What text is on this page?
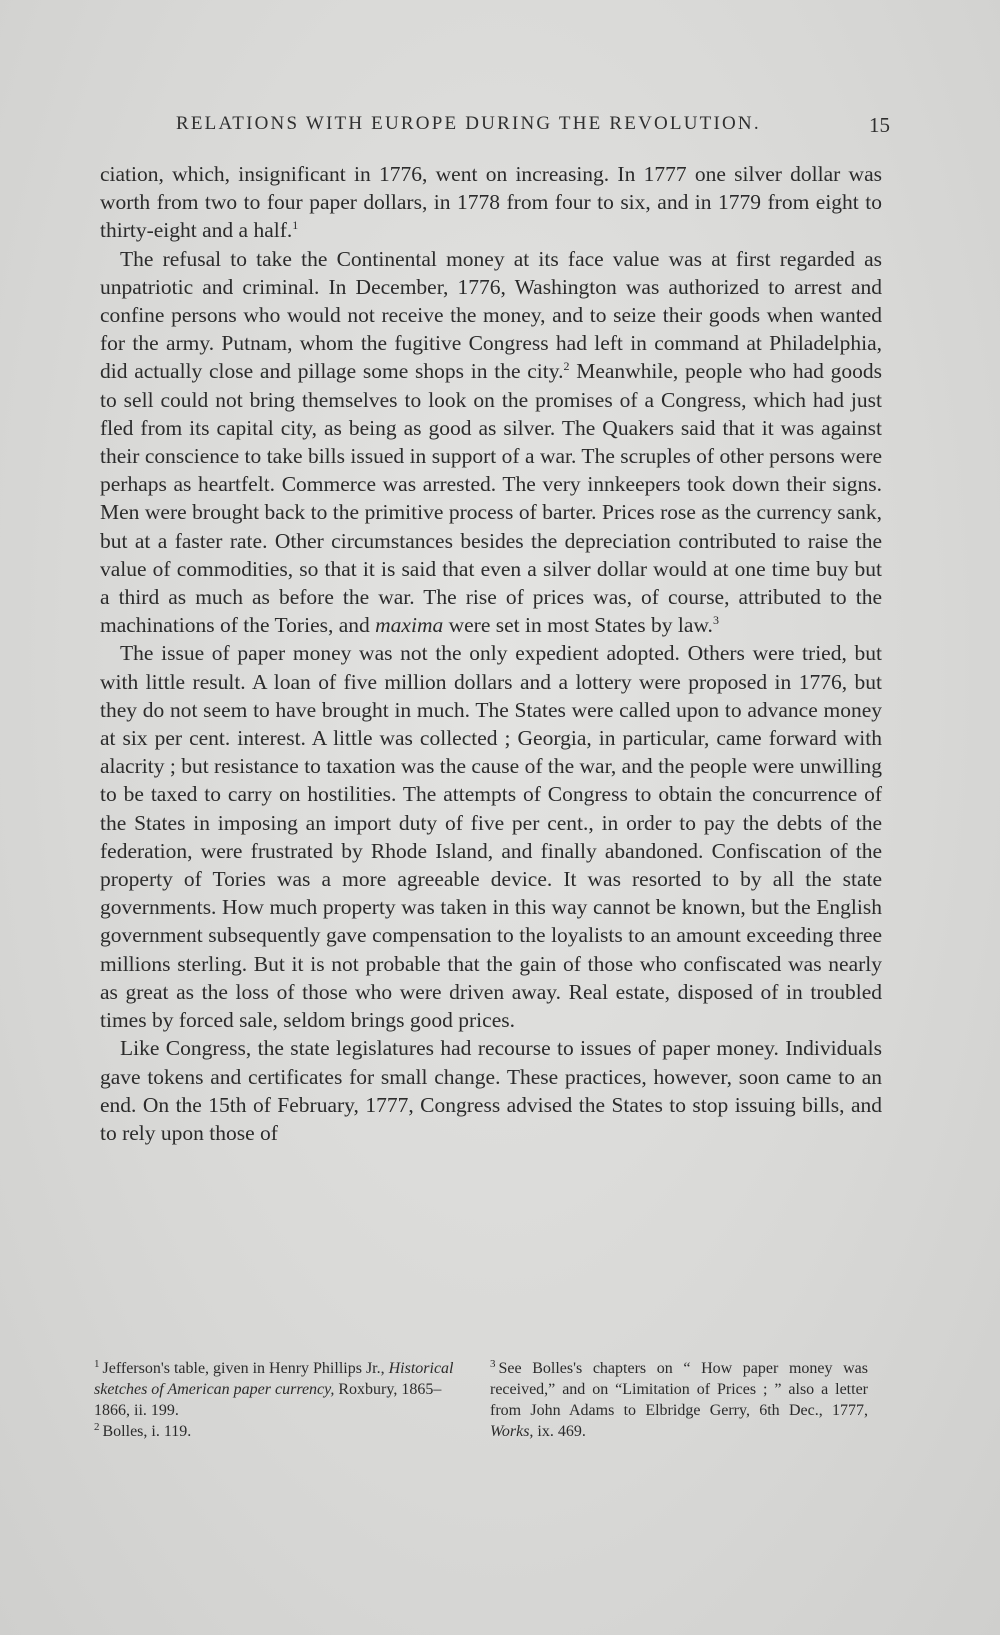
RELATIONS WITH EUROPE DURING THE REVOLUTION.	15

ciation, which, insignificant in 1776, went on increasing. In 1777 one silver dollar was worth from two to four paper dollars, in 1778 from four to six, and in 1779 from eight to thirty-eight and a half.$^1$

The refusal to take the Continental money at its face value was at first regarded as unpatriotic and criminal. In December, 1776, Washington was authorized to arrest and confine persons who would not receive the money, and to seize their goods when wanted for the army. Putnam, whom the fugitive Congress had left in command at Philadelphia, did actually close and pillage some shops in the city.$^2$ Meanwhile, people who had goods to sell could not bring themselves to look on the promises of a Congress, which had just fled from its capital city, as being as good as silver. The Quakers said that it was against their conscience to take bills issued in support of a war. The scruples of other persons were perhaps as heartfelt. Commerce was arrested. The very innkeepers took down their signs. Men were brought back to the primitive process of barter. Prices rose as the currency sank, but at a faster rate. Other circumstances besides the depreciation contributed to raise the value of commodities, so that it is said that even a silver dollar would at one time buy but a third as much as before the war. The rise of prices was, of course, attributed to the machinations of the Tories, and maxima were set in most States by law.$^3$

The issue of paper money was not the only expedient adopted. Others were tried, but with little result. A loan of five million dollars and a lottery were proposed in 1776, but they do not seem to have brought in much. The States were called upon to advance money at six per cent. interest. A little was collected ; Georgia, in particular, came forward with alacrity ; but resistance to taxation was the cause of the war, and the people were unwilling to be taxed to carry on hostilities. The attempts of Congress to obtain the concurrence of the States in imposing an import duty of five per cent., in order to pay the debts of the federation, were frustrated by Rhode Island, and finally abandoned. Confiscation of the property of Tories was a more agreeable device. It was resorted to by all the state governments. How much property was taken in this way cannot be known, but the English government subsequently gave compensation to the loyalists to an amount exceeding three millions sterling. But it is not probable that the gain of those who confiscated was nearly as great as the loss of those who were driven away. Real estate, disposed of in troubled times by forced sale, seldom brings good prices.

Like Congress, the state legislatures had recourse to issues of paper money. Individuals gave tokens and certificates for small change. These practices, however, soon came to an end. On the 15th of February, 1777, Congress advised the States to stop issuing bills, and to rely upon those of

$^1$ Jefferson's table, given in Henry Phillips Jr., Historical sketches of American paper currency, Roxbury, 1865–1866, ii. 199.

$^2$ Bolles, i. 119.

$^3$ See Bolles's chapters on “ How paper money was received,” and on “Limitation of Prices ; ” also a letter from John Adams to Elbridge Gerry, 6th Dec., 1777, Works, ix. 469.
